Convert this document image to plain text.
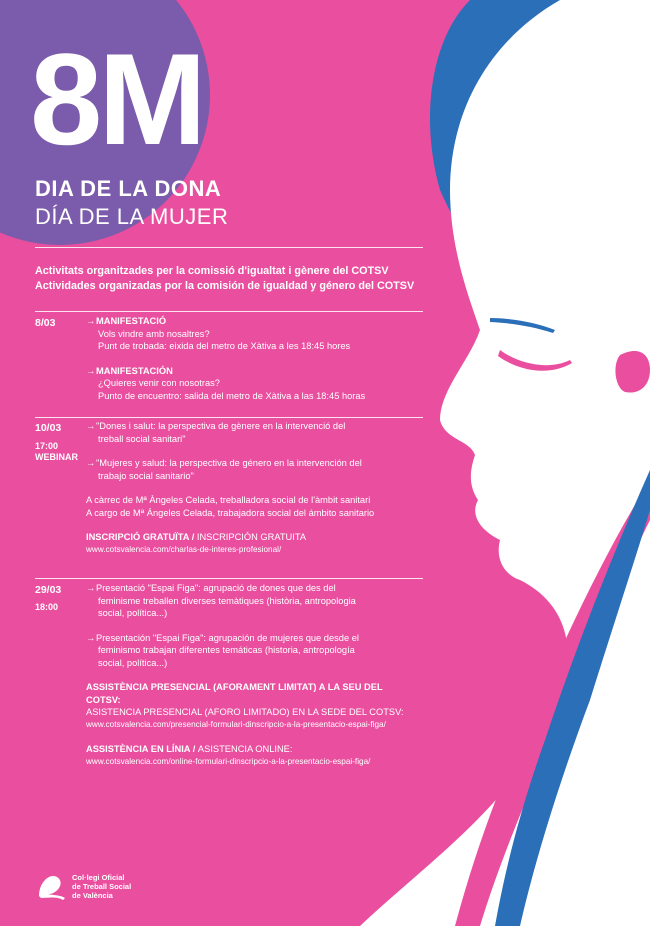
8M
DIA DE LA DONA
DÍA DE LA MUJER
Activitats organitzades per la comissió d'igualtat i gènere del COTSV
Actividades organizadas por la comisión de igualdad y género del COTSV
8/03	→MANIFESTACIÓ
Vols vindre amb nosaltres?
Punt de trobada: eixida del metro de Xàtiva a les 18:45 hores
→MANIFESTACIÓN
¿Quieres venir con nosotras?
Punto de encuentro: salida del metro de Xàtiva a las 18:45 horas
10/03
17:00
WEBINAR
→"Dones i salut: la perspectiva de gènere en la intervenció del
treball social sanitari"
→"Mujeres y salud: la perspectiva de género en la intervención del
trabajo social sanitario"
A càrrec de Mª Àngeles Celada, treballadora social de l'àmbit sanitari
A cargo de Mª Ángeles Celada, trabajadora social del ámbito sanitario
INSCRIPCIÓ GRATUÏTA / INSCRIPCIÓN GRATUITA
www.cotsvalencia.com/charlas-de-interes-profesional/
29/03
18:00
→Presentació "Espai Figa": agrupació de dones que des del
feminisme treballen diverses temàtiques (història, antropologia
social, política...)
→Presentación "Espai Figa": agrupación de mujeres que desde el
feminismo trabajan diferentes temáticas (historia, antropología
social, política...)
ASSISTÈNCIA PRESENCIAL (AFORAMENT LIMITAT) A LA SEU DEL COTSV:
ASISTENCIA PRESENCIAL (AFORO LIMITADO) EN LA SEDE DEL COTSV:
www.cotsvalencia.com/presencial-formulari-dinscripcio-a-la-presentacio-espai-figa/
ASSISTÈNCIA EN LÍNIA / ASISTENCIA ONLINE:
www.cotsvalencia.com/online-formulari-dinscripcio-a-la-presentacio-espai-figa/
Col·legi Oficial
de Treball Social
de València
